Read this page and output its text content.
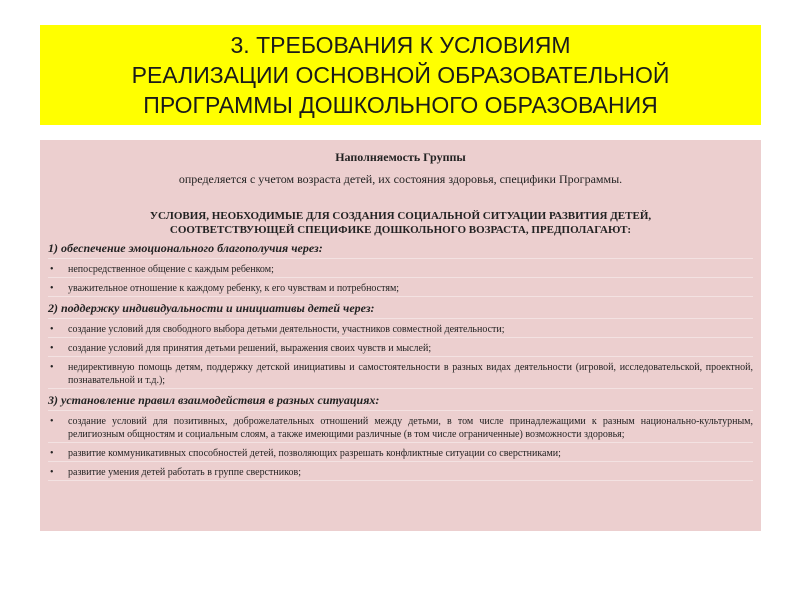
3. ТРЕБОВАНИЯ К УСЛОВИЯМ
РЕАЛИЗАЦИИ ОСНОВНОЙ ОБРАЗОВАТЕЛЬНОЙ
ПРОГРАММЫ ДОШКОЛЬНОГО ОБРАЗОВАНИЯ
Наполняемость Группы
определяется с учетом возраста детей, их состояния здоровья, специфики Программы.
УСЛОВИЯ, НЕОБХОДИМЫЕ ДЛЯ СОЗДАНИЯ СОЦИАЛЬНОЙ СИТУАЦИИ РАЗВИТИЯ ДЕТЕЙ,
СООТВЕТСТВУЮЩЕЙ СПЕЦИФИКЕ ДОШКОЛЬНОГО ВОЗРАСТА, ПРЕДПОЛАГАЮТ:
1) обеспечение эмоционального благополучия через:
• непосредственное общение с каждым ребенком;
• уважительное отношение к каждому ребенку, к его чувствам и потребностям;
2) поддержку индивидуальности и инициативы детей через:
• создание условий для свободного выбора детьми деятельности, участников совместной деятельности;
• создание условий для принятия детьми решений, выражения своих чувств и мыслей;
• недирективную помощь детям, поддержку детской инициативы и самостоятельности в разных видах деятельности (игровой, исследовательской, проектной, познавательной и т.д.);
3) установление правил взаимодействия в разных ситуациях:
• создание условий для позитивных, доброжелательных отношений между детьми, в том числе принадлежащими к разным национально-культурным, религиозным общностям и социальным слоям, а также имеющими различные (в том числе ограниченные) возможности здоровья;
• развитие коммуникативных способностей детей, позволяющих разрешать конфликтные ситуации со сверстниками;
• развитие умения детей работать в группе сверстников;
